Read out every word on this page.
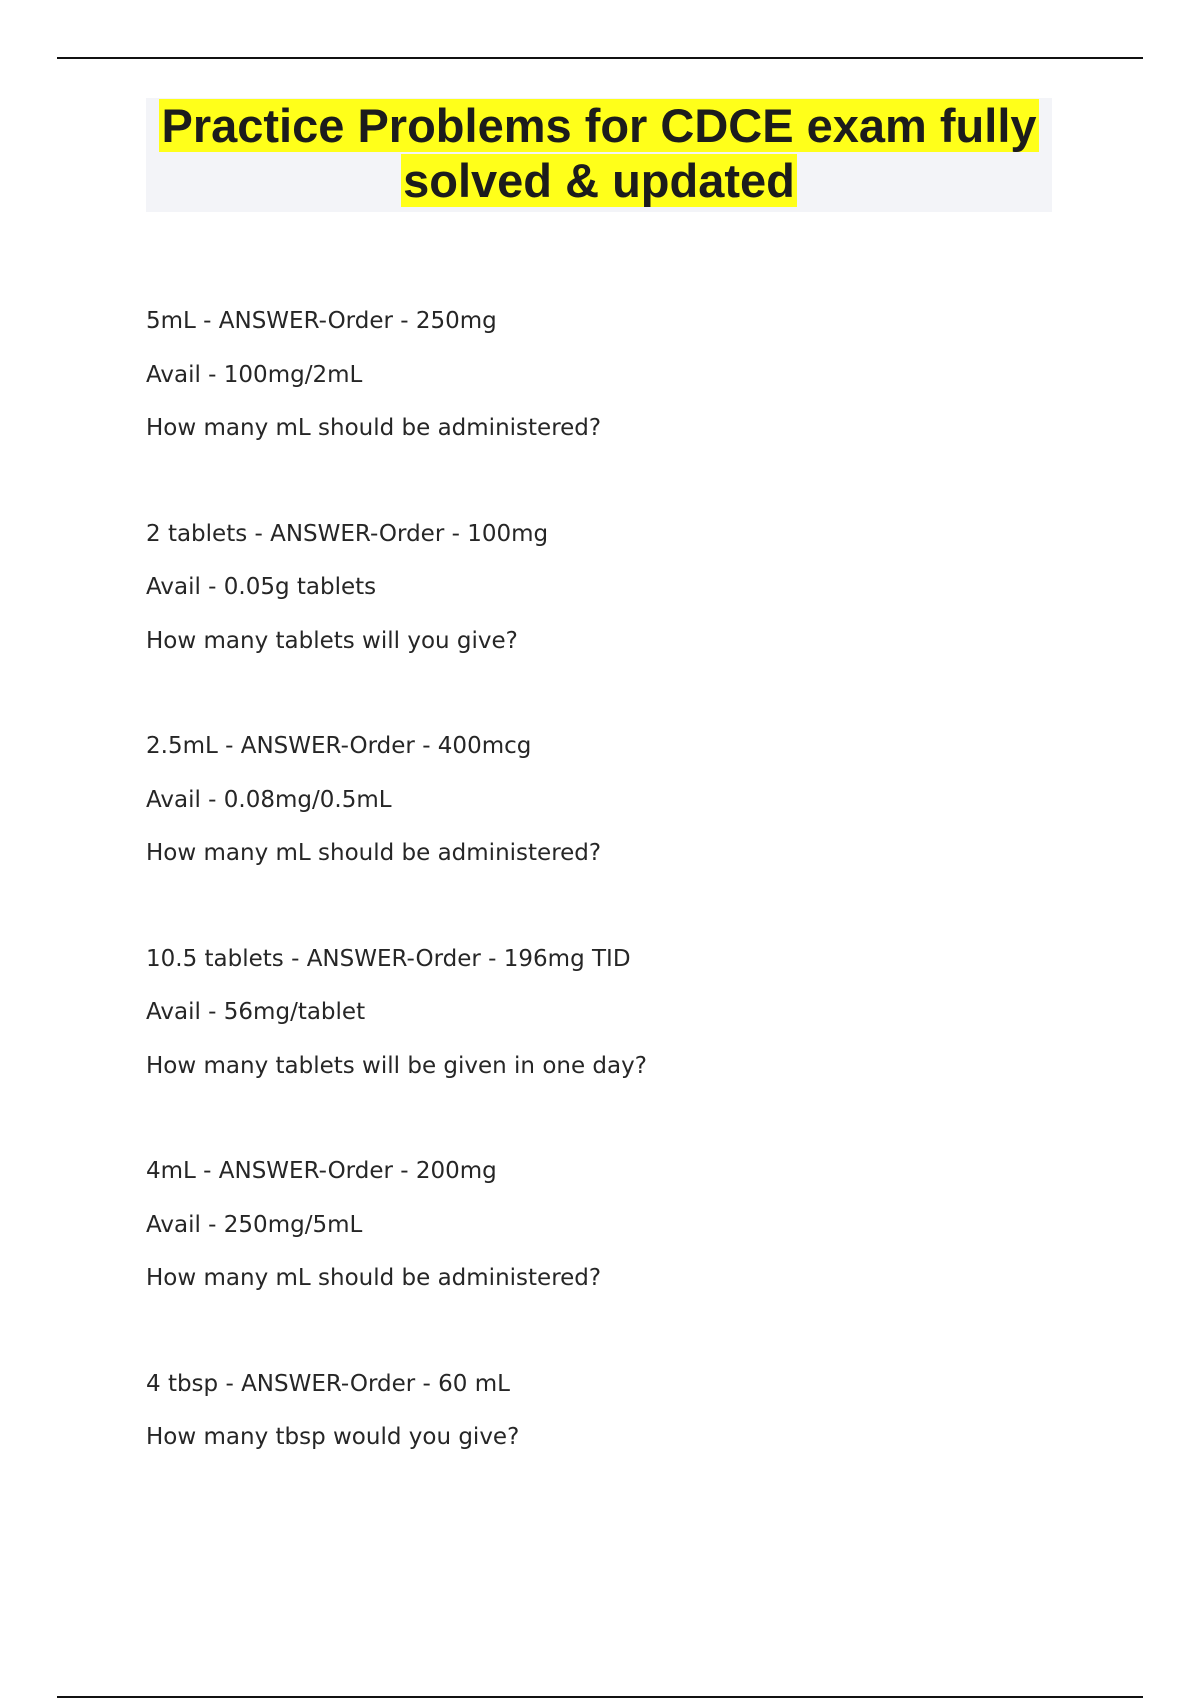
Practice Problems for CDCE exam fully
solved & updated
5mL - ANSWER-Order - 250mg
Avail - 100mg/2mL
How many mL should be administered?
2 tablets - ANSWER-Order - 100mg
Avail - 0.05g tablets
How many tablets will you give?
2.5mL - ANSWER-Order - 400mcg
Avail - 0.08mg/0.5mL
How many mL should be administered?
10.5 tablets - ANSWER-Order - 196mg TID
Avail - 56mg/tablet
How many tablets will be given in one day?
4mL - ANSWER-Order - 200mg
Avail - 250mg/5mL
How many mL should be administered?
4 tbsp - ANSWER-Order - 60 mL
How many tbsp would you give?
